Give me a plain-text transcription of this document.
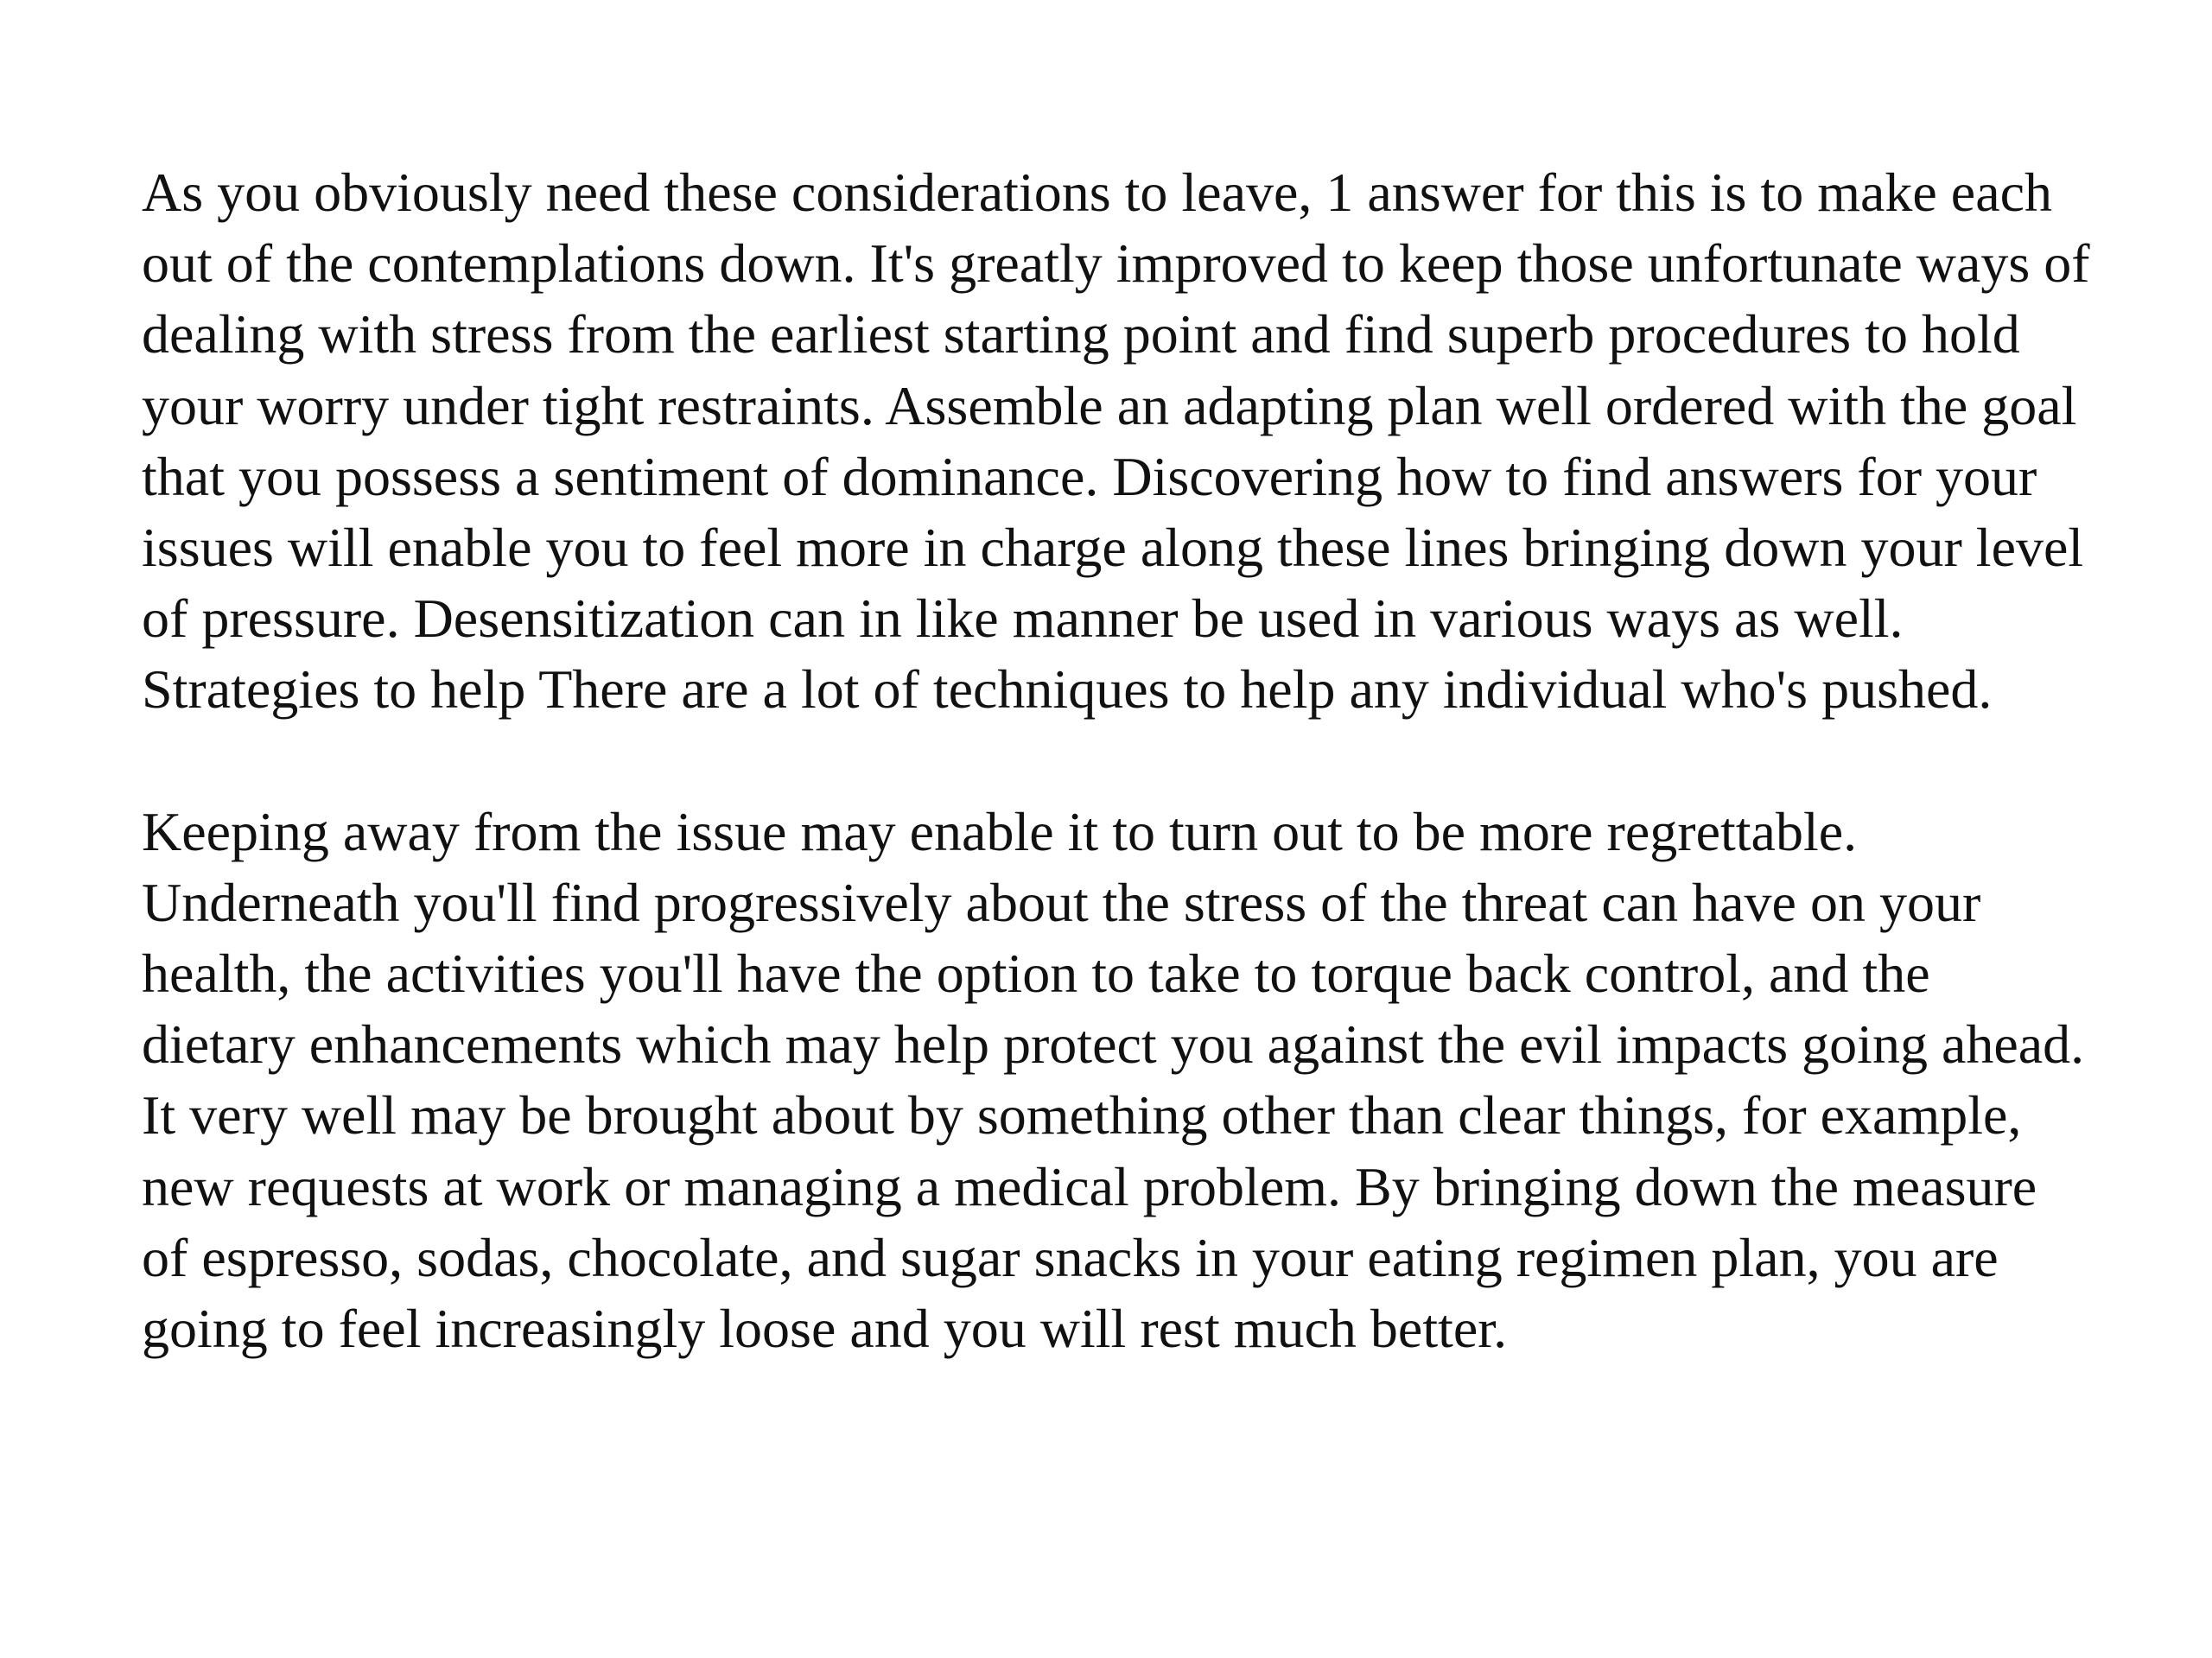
As you obviously need these considerations to leave, 1 answer for this is to make each out of the contemplations down. It's greatly improved to keep those unfortunate ways of dealing with stress from the earliest starting point and find superb procedures to hold your worry under tight restraints. Assemble an adapting plan well ordered with the goal that you possess a sentiment of dominance. Discovering how to find answers for your issues will enable you to feel more in charge along these lines bringing down your level of pressure. Desensitization can in like manner be used in various ways as well. Strategies to help There are a lot of techniques to help any individual who's pushed.

Keeping away from the issue may enable it to turn out to be more regrettable. Underneath you'll find progressively about the stress of the threat can have on your health, the activities you'll have the option to take to torque back control, and the dietary enhancements which may help protect you against the evil impacts going ahead. It very well may be brought about by something other than clear things, for example, new requests at work or managing a medical problem. By bringing down the measure of espresso, sodas, chocolate, and sugar snacks in your eating regimen plan, you are going to feel increasingly loose and you will rest much better.
